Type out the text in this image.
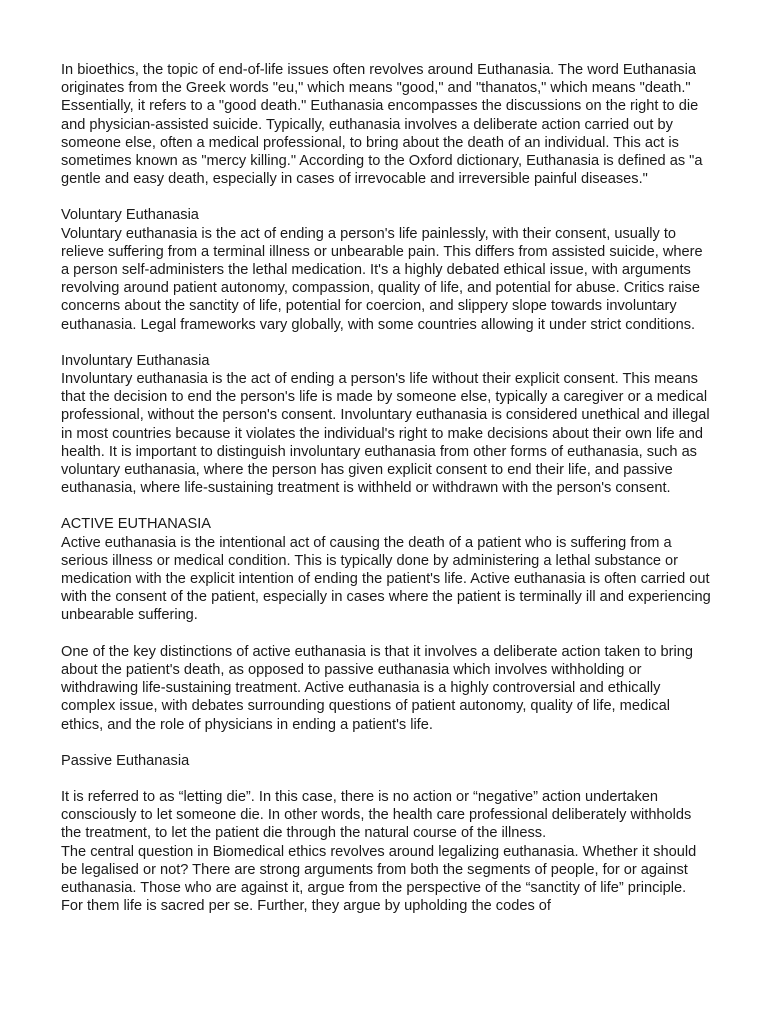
In bioethics, the topic of end-of-life issues often revolves around Euthanasia. The word Euthanasia originates from the Greek words "eu," which means "good," and "thanatos," which means "death." Essentially, it refers to a "good death." Euthanasia encompasses the discussions on the right to die and physician-assisted suicide. Typically, euthanasia involves a deliberate action carried out by someone else, often a medical professional, to bring about the death of an individual. This act is sometimes known as "mercy killing." According to the Oxford dictionary, Euthanasia is defined as "a gentle and easy death, especially in cases of irrevocable and irreversible painful diseases."

Voluntary Euthanasia

Voluntary euthanasia is the act of ending a person's life painlessly, with their consent, usually to relieve suffering from a terminal illness or unbearable pain. This differs from assisted suicide, where a person self-administers the lethal medication. It's a highly debated ethical issue, with arguments revolving around patient autonomy, compassion, quality of life, and potential for abuse. Critics raise concerns about the sanctity of life, potential for coercion, and slippery slope towards involuntary euthanasia. Legal frameworks vary globally, with some countries allowing it under strict conditions.

Involuntary Euthanasia

Involuntary euthanasia is the act of ending a person's life without their explicit consent. This means that the decision to end the person's life is made by someone else, typically a caregiver or a medical professional, without the person's consent. Involuntary euthanasia is considered unethical and illegal in most countries because it violates the individual's right to make decisions about their own life and health. It is important to distinguish involuntary euthanasia from other forms of euthanasia, such as voluntary euthanasia, where the person has given explicit consent to end their life, and passive euthanasia, where life-sustaining treatment is withheld or withdrawn with the person's consent.

ACTIVE EUTHANASIA

Active euthanasia is the intentional act of causing the death of a patient who is suffering from a serious illness or medical condition. This is typically done by administering a lethal substance or medication with the explicit intention of ending the patient's life. Active euthanasia is often carried out with the consent of the patient, especially in cases where the patient is terminally ill and experiencing unbearable suffering.

One of the key distinctions of active euthanasia is that it involves a deliberate action taken to bring about the patient's death, as opposed to passive euthanasia which involves withholding or withdrawing life-sustaining treatment. Active euthanasia is a highly controversial and ethically complex issue, with debates surrounding questions of patient autonomy, quality of life, medical ethics, and the role of physicians in ending a patient's life.

Passive Euthanasia

It is referred to as “letting die”. In this case, there is no action or “negative” action undertaken consciously to let someone die. In other words, the health care professional deliberately withholds the treatment, to let the patient die through the natural course of the illness.

The central question in Biomedical ethics revolves around legalizing euthanasia. Whether it should be legalised or not? There are strong arguments from both the segments of people, for or against euthanasia. Those who are against it, argue from the perspective of the “sanctity of life” principle. For them life is sacred per se. Further, they argue by upholding the codes of
